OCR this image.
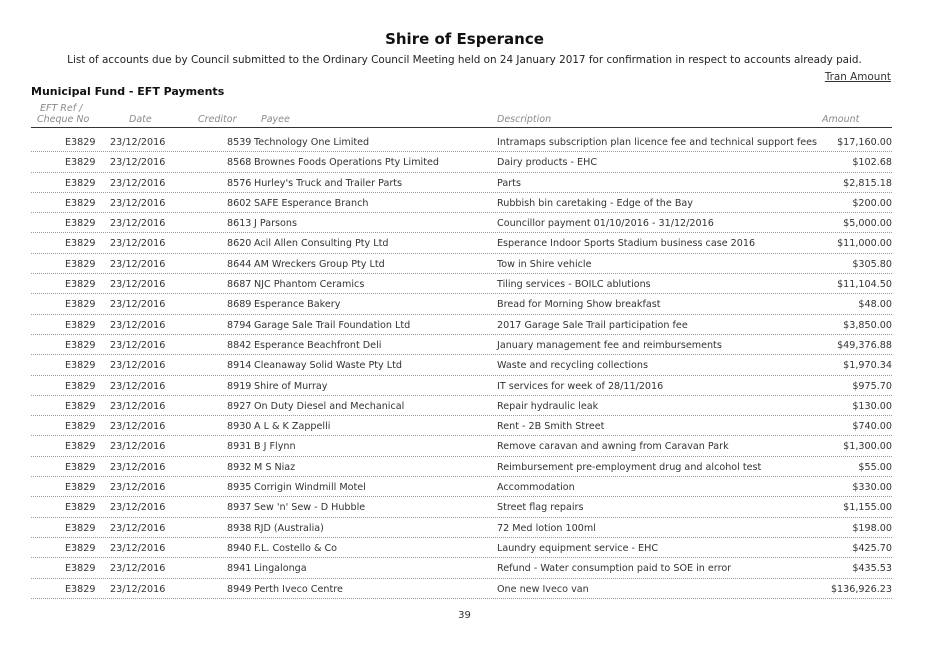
Shire of Esperance
List of accounts due by Council submitted to the Ordinary Council Meeting held on 24 January 2017 for confirmation in respect to accounts already paid.
Tran Amount
Municipal Fund - EFT Payments
EFT Ref /
Cheque No	Date	Creditor	Payee	Description	Amount
E3829 23/12/2016	8539 Technology One Limited	Intramaps subscription plan licence fee and technical support fees $17,160.00
E3829 23/12/2016	8568 Brownes Foods Operations Pty Limited	Dairy products - EHC	$102.68
E3829 23/12/2016	8576 Hurley's Truck and Trailer Parts	Parts	$2,815.18
E3829 23/12/2016	8602 SAFE Esperance Branch	Rubbish bin caretaking - Edge of the Bay	$200.00
E3829 23/12/2016	8613 J Parsons	Councillor payment 01/10/2016 - 31/12/2016	$5,000.00
E3829 23/12/2016	8620 Acil Allen Consulting Pty Ltd	Esperance Indoor Sports Stadium business case 2016	$11,000.00
E3829 23/12/2016	8644 AM Wreckers Group Pty Ltd	Tow in Shire vehicle	$305.80
E3829 23/12/2016	8687 NJC Phantom Ceramics	Tiling services - BOILC ablutions	$11,104.50
E3829 23/12/2016	8689 Esperance Bakery	Bread for Morning Show breakfast	$48.00
E3829 23/12/2016	8794 Garage Sale Trail Foundation Ltd	2017 Garage Sale Trail participation fee	$3,850.00
E3829 23/12/2016	8842 Esperance Beachfront Deli	January management fee and reimbursements	$49,376.88
E3829 23/12/2016	8914 Cleanaway Solid Waste Pty Ltd	Waste and recycling collections	$1,970.34
E3829 23/12/2016	8919 Shire of Murray	IT services for week of 28/11/2016	$975.70
E3829 23/12/2016	8927 On Duty Diesel and Mechanical	Repair hydraulic leak	$130.00
E3829 23/12/2016	8930 A L & K Zappelli	Rent - 2B Smith Street	$740.00
E3829 23/12/2016	8931 B J Flynn	Remove caravan and awning from Caravan Park	$1,300.00
E3829 23/12/2016	8932 M S Niaz	Reimbursement pre-employment drug and alcohol test	$55.00
E3829 23/12/2016	8935 Corrigin Windmill Motel	Accommodation	$330.00
E3829 23/12/2016	8937 Sew 'n' Sew - D Hubble	Street flag repairs	$1,155.00
E3829 23/12/2016	8938 RJD (Australia)	72 Med lotion 100ml	$198.00
E3829 23/12/2016	8940 F.L. Costello & Co	Laundry equipment service - EHC	$425.70
E3829 23/12/2016	8941 Lingalonga	Refund - Water consumption paid to SOE in error	$435.53
E3829 23/12/2016	8949 Perth Iveco Centre	One new Iveco van	$136,926.23
39
